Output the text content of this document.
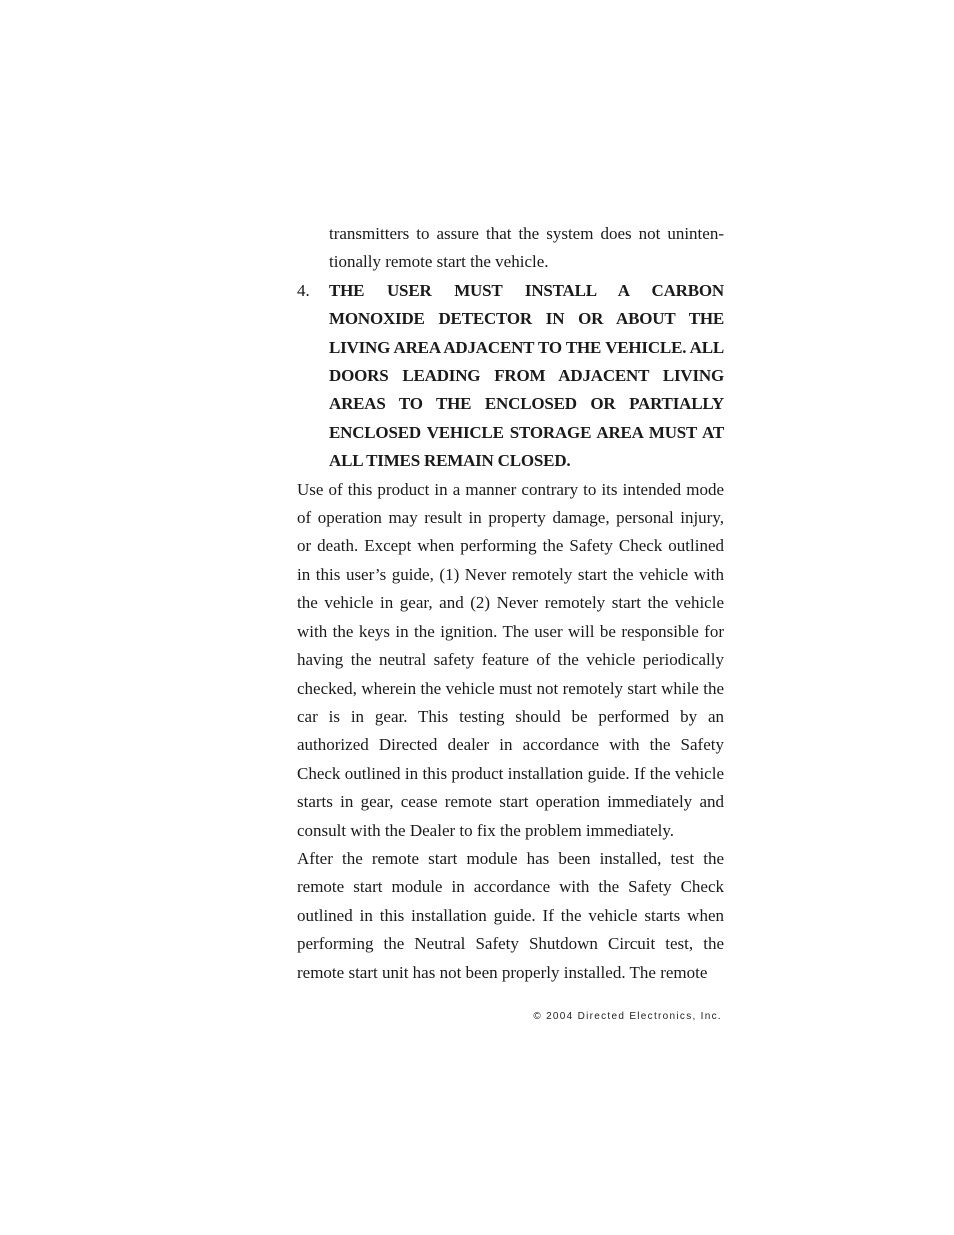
transmitters to assure that the system does not uninten-tionally remote start the vehicle.

4.	THE USER MUST INSTALL A CARBON MONOXIDE DETECTOR IN OR ABOUT THE LIVING AREA ADJACENT TO THE VEHICLE. ALL DOORS LEADING FROM ADJACENT LIVING AREAS TO THE ENCLOSED OR PARTIALLY ENCLOSED VEHICLE STORAGE AREA MUST AT ALL TIMES REMAIN CLOSED.

Use of this product in a manner contrary to its intended mode of operation may result in property damage, personal injury, or death. Except when performing the Safety Check outlined in this user’s guide, (1) Never remotely start the vehicle with the vehicle in gear, and (2) Never remotely start the vehicle with the keys in the ignition. The user will be responsible for having the neutral safety feature of the vehicle periodically checked, wherein the vehicle must not remotely start while the car is in gear. This testing should be performed by an authorized Directed dealer in accordance with the Safety Check outlined in this product installation guide. If the vehicle starts in gear, cease remote start operation immediately and consult with the Dealer to fix the problem immediately.

After the remote start module has been installed, test the remote start module in accordance with the Safety Check outlined in this installation guide. If the vehicle starts when performing the Neutral Safety Shutdown Circuit test, the remote start unit has not been properly installed. The remote

© 2004 Directed Electronics, Inc.
